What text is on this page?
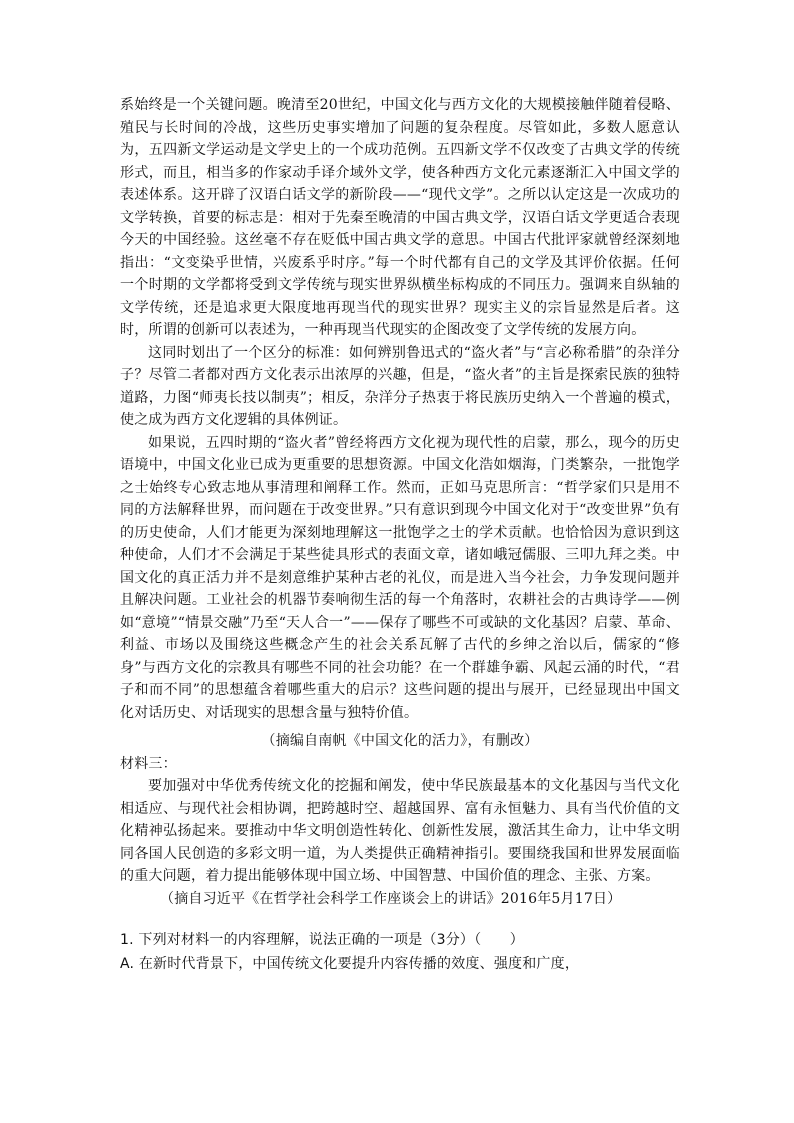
系始终是一个关键问题。晚清至20世纪，中国文化与西方文化的大规模接触伴随着侵略、殖民与长时间的冷战，这些历史事实增加了问题的复杂程度。尽管如此，多数人愿意认为，五四新文学运动是文学史上的一个成功范例。五四新文学不仅改变了古典文学的传统形式，而且，相当多的作家动手译介域外文学，使各种西方文化元素逐渐汇入中国文学的表述体系。这开辟了汉语白话文学的新阶段——“现代文学”。之所以认定这是一次成功的文学转换，首要的标志是：相对于先秦至晚清的中国古典文学，汉语白话文学更适合表现今天的中国经验。这丝毫不存在贬低中国古典文学的意思。中国古代批评家就曾经深刻地指出：“文变染乎世情，兴废系乎时序。”每一个时代都有自己的文学及其评价依据。任何一个时期的文学都将受到文学传统与现实世界纵横坐标构成的不同压力。强调来自纵轴的文学传统，还是追求更大限度地再现当代的现实世界？现实主义的宗旨显然是后者。这时，所谓的创新可以表述为，一种再现当代现实的企图改变了文学传统的发展方向。

这同时划出了一个区分的标准：如何辨别鲁迅式的“盗火者”与“言必称希腊”的杂洋分子？尽管二者都对西方文化表示出浓厚的兴趣，但是，“盗火者”的主旨是探索民族的独特道路，力图“师夷长技以制夷”；相反，杂洋分子热衷于将民族历史纳入一个普遍的模式，使之成为西方文化逻辑的具体例证。

如果说，五四时期的“盗火者”曾经将西方文化视为现代性的启蒙，那么，现今的历史语境中，中国文化业已成为更重要的思想资源。中国文化浩如烟海，门类繁杂，一批饱学之士始终专心致志地从事清理和阐释工作。然而，正如马克思所言：“哲学家们只是用不同的方法解释世界，而问题在于改变世界。”只有意识到现今中国文化对于“改变世界”负有的历史使命，人们才能更为深刻地理解这一批饱学之士的学术贡献。也恰恰因为意识到这种使命，人们才不会满足于某些徒具形式的表面文章，诸如峨冠儒服、三叩九拜之类。中国文化的真正活力并不是刻意维护某种古老的礼仪，而是进入当今社会，力争发现问题并且解决问题。工业社会的机器节奏响彻生活的每一个角落时，农耕社会的古典诗学——例如“意境”“情景交融”乃至“天人合一”——保存了哪些不可或缺的文化基因？启蒙、革命、利益、市场以及围绕这些概念产生的社会关系瓦解了古代的乡绅之治以后，儒家的“修身”与西方文化的宗教具有哪些不同的社会功能？在一个群雄争霸、风起云涌的时代，“君子和而不同”的思想蕴含着哪些重大的启示？这些问题的提出与展开，已经显现出中国文化对话历史、对话现实的思想含量与独特价值。

（摘编自南帆《中国文化的活力》，有删改）

材料三：

要加强对中华优秀传统文化的挖掘和阐发，使中华民族最基本的文化基因与当代文化相适应、与现代社会相协调，把跨越时空、超越国界、富有永恒魅力、具有当代价值的文化精神弘扬起来。要推动中华文明创造性转化、创新性发展，激活其生命力，让中华文明同各国人民创造的多彩文明一道，为人类提供正确精神指引。要围绕我国和世界发展面临的重大问题，着力提出能够体现中国立场、中国智慧、中国价值的理念、主张、方案。

（摘自习近平《在哲学社会科学工作座谈会上的讲话》2016年5月17日）

1. 下列对材料一的内容理解，说法正确的一项是（3分）（　　）

A. 在新时代背景下，中国传统文化要提升内容传播的效度、强度和广度，
